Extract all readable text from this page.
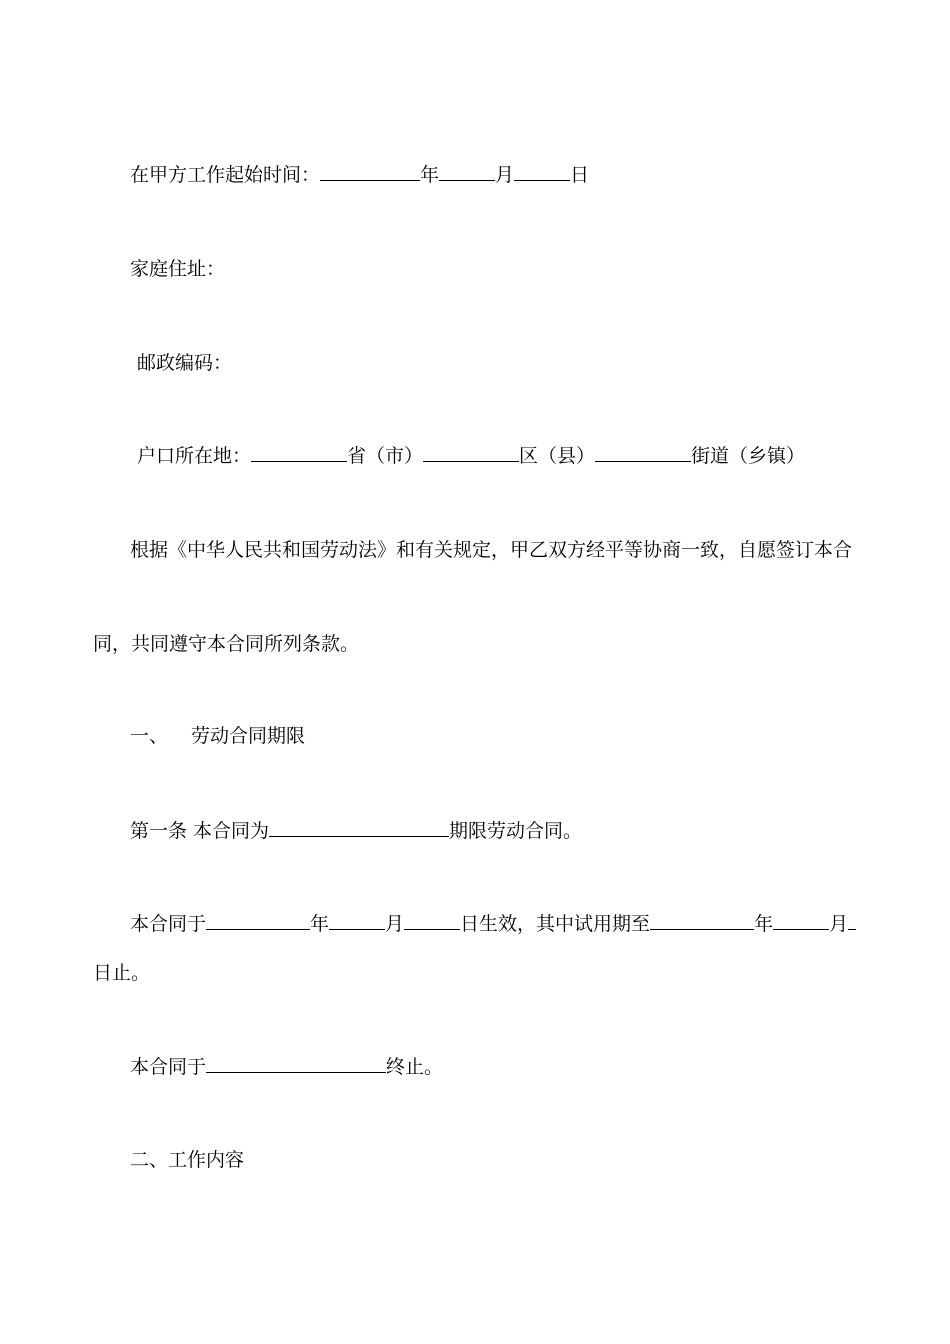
在甲方工作起始时间：	年	月	日
家庭住址：
邮政编码：
户口所在地：	省（市）	区（县）	街道（乡镇）
根据《中华人民共和国劳动法》和有关规定，甲乙双方经平等协商一致，自愿签订本合
同，共同遵守本合同所列条款。
一、 劳动合同期限
第一条 本合同为	期限劳动合同。
本合同于	年	月	日生效，其中试用期至	年	月
日止。
本合同于	终止。
二、工作内容
